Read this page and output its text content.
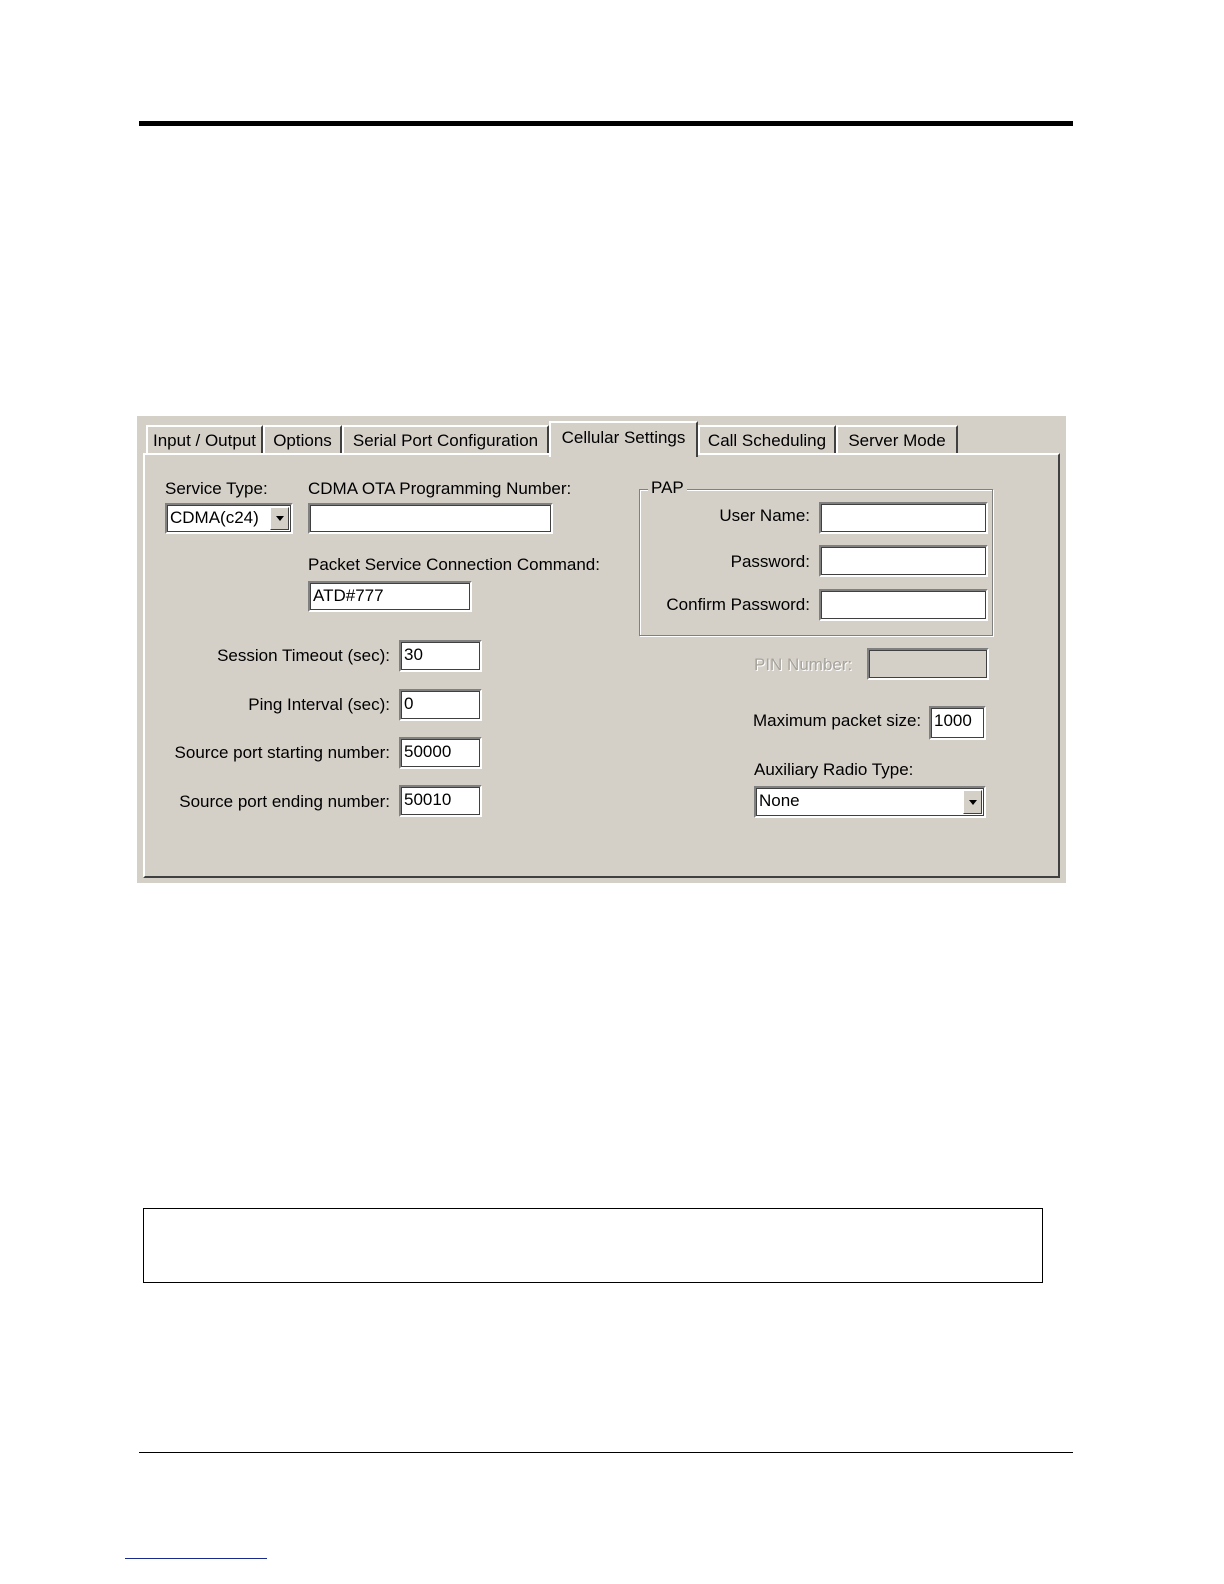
Input / Output Options Serial Port Configuration Cellular Settings Call Scheduling Server Mode
Service Type:
CDMA(c24)
CDMA OTA Programming Number:
Packet Service Connection Command:
ATD#777
Session Timeout (sec): 30
Ping Interval (sec): 0
Source port starting number: 50000
Source port ending number: 50010
PAP
User Name:
Password:
Confirm Password:
PIN Number:
Maximum packet size: 1000
Auxiliary Radio Type:
None
